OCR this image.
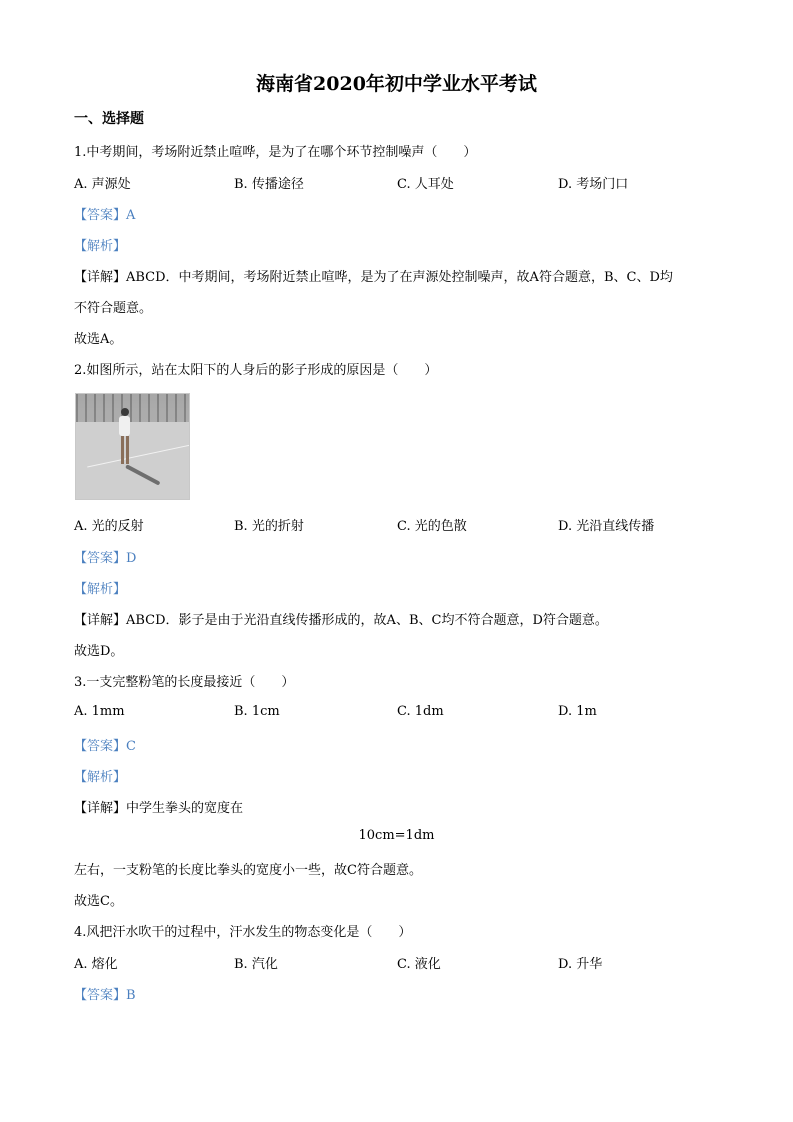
海南省2020年初中学业水平考试
一、选择题
1.中考期间，考场附近禁止喧哗，是为了在哪个环节控制噪声（　　）
A. 声源处	B. 传播途径	C. 人耳处	D. 考场门口
【答案】A
【解析】
【详解】ABCD．中考期间，考场附近禁止喧哗，是为了在声源处控制噪声，故A符合题意，B、C、D均
不符合题意。
故选A。
2.如图所示，站在太阳下的人身后的影子形成的原因是（　　）
A. 光的反射	B. 光的折射	C. 光的色散	D. 光沿直线传播
【答案】D
【解析】
【详解】ABCD．影子是由于光沿直线传播形成的，故A、B、C均不符合题意，D符合题意。
故选D。
3.一支完整粉笔的长度最接近（　　）
A. 1mm	B. 1cm	C. 1dm	D. 1m
【答案】C
【解析】
【详解】中学生拳头的宽度在
10cm=1dm
左右，一支粉笔的长度比拳头的宽度小一些，故C符合题意。
故选C。
4.风把汗水吹干的过程中，汗水发生的物态变化是（　　）
A. 熔化	B. 汽化	C. 液化	D. 升华
【答案】B
